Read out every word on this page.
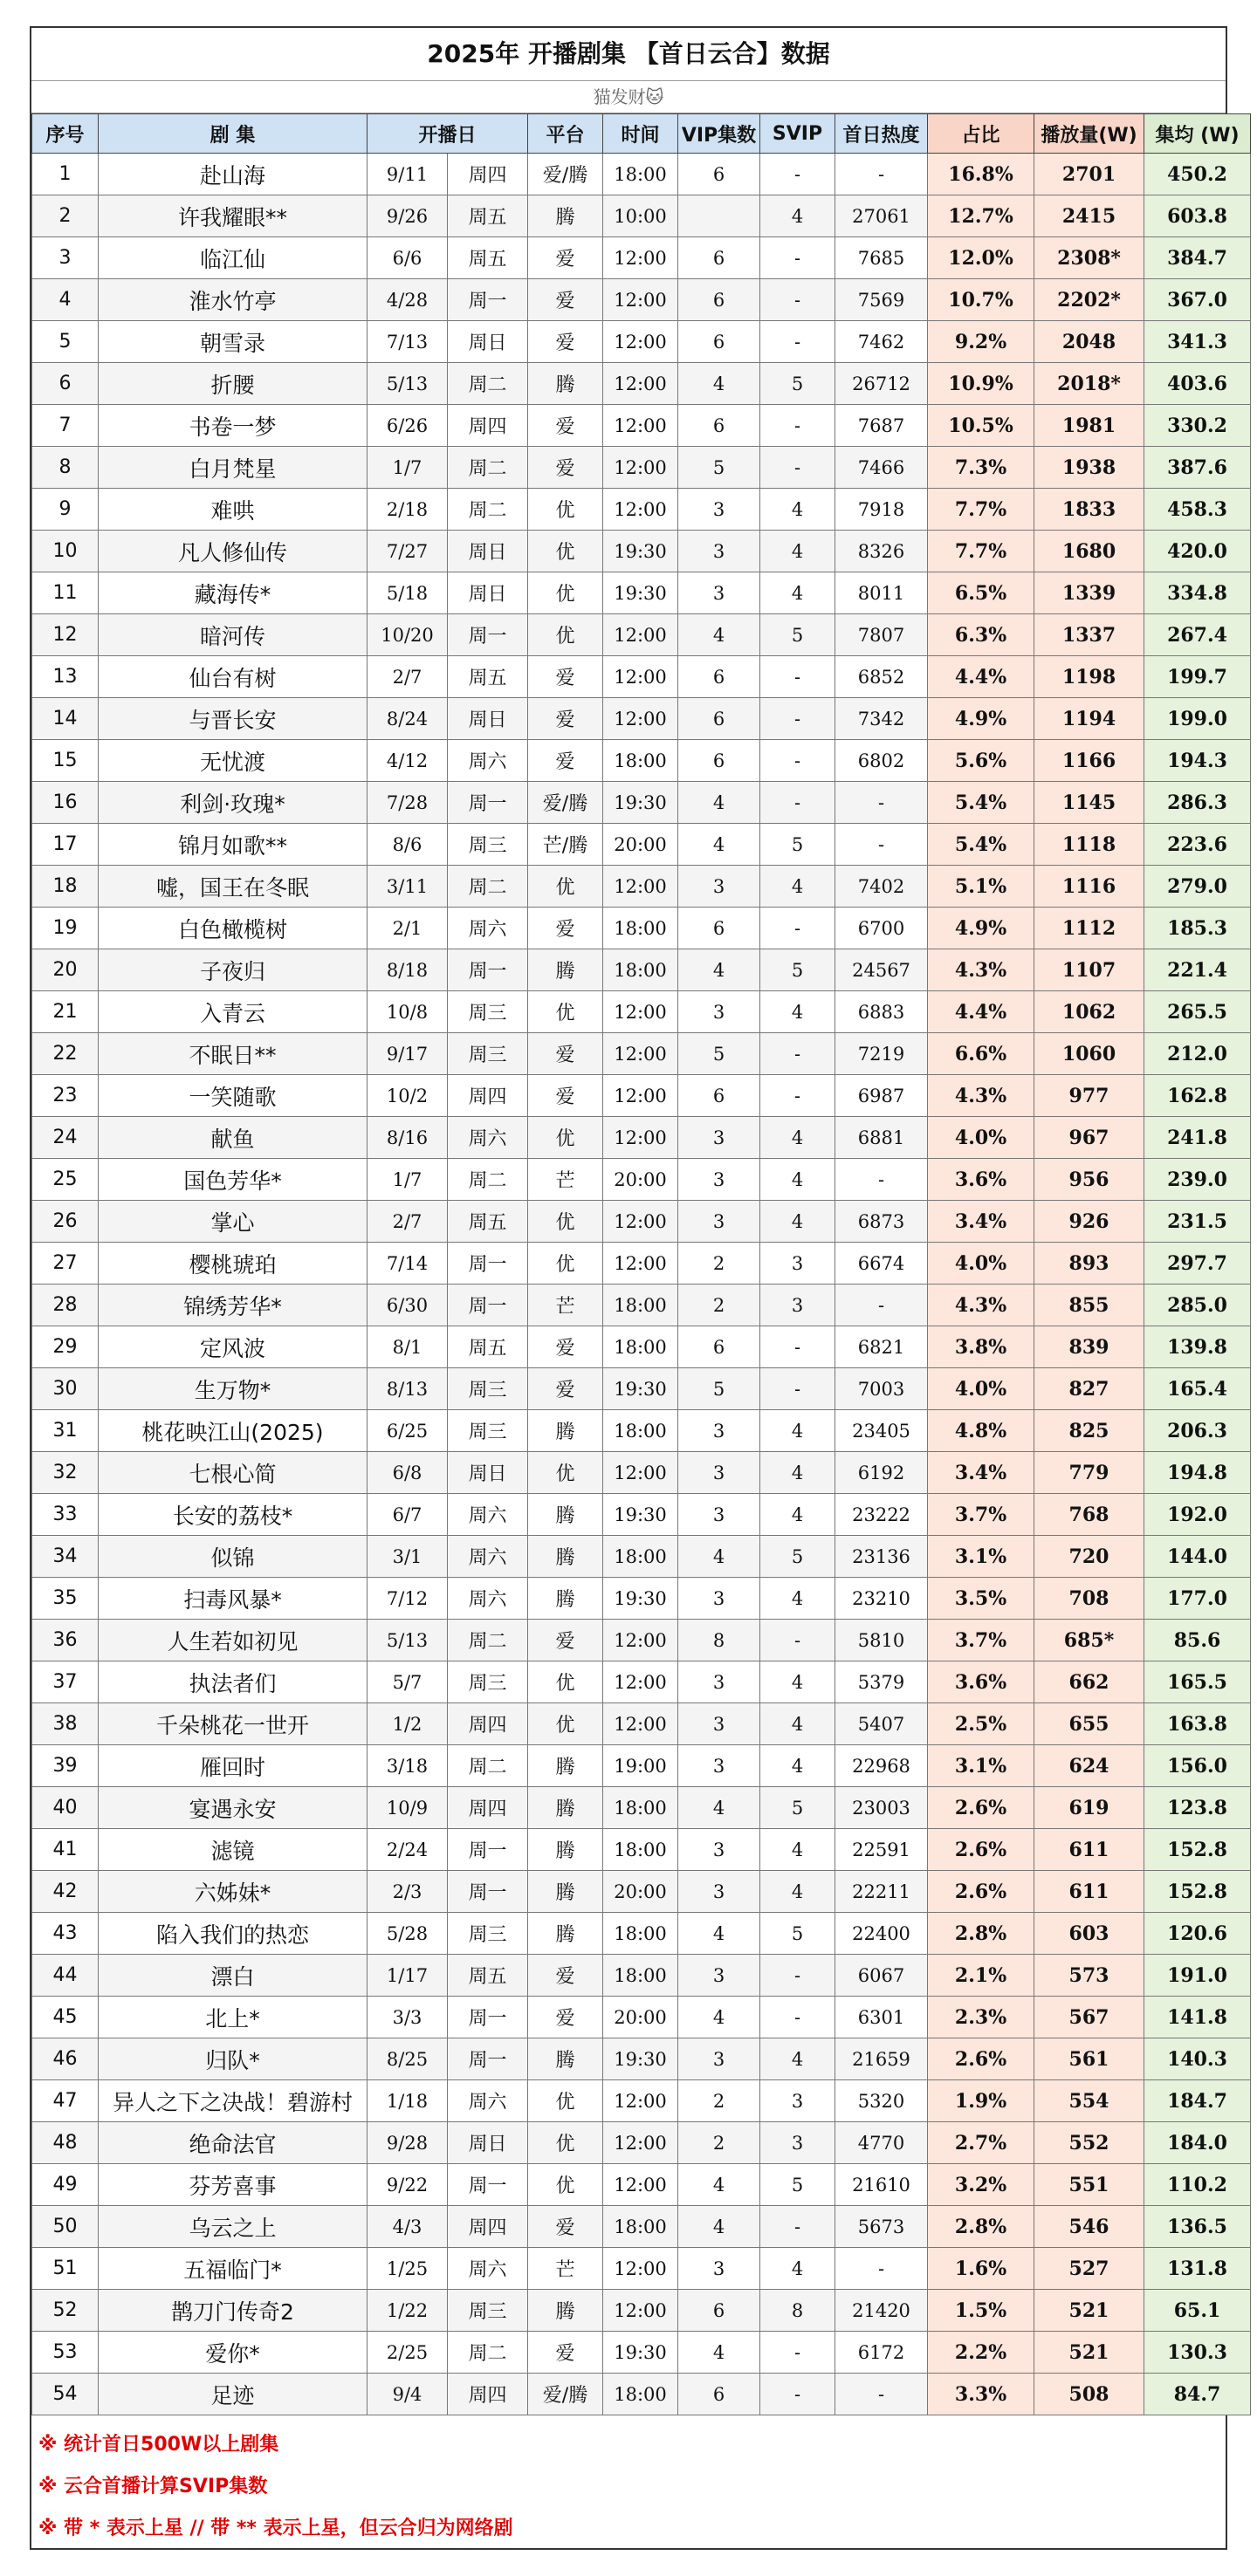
2025年 开播剧集 【首日云合】数据
猫发财🐱
序号	剧 集	开播日		平台	时间	VIP集数	SVIP	首日热度	占比	播放量(W)	集均 (W)
1	赴山海	9/11	周四	爱/腾	18:00	6	-	-	16.8%	2701	450.2
2	许我耀眼**	9/26	周五	腾	10:00		4	27061	12.7%	2415	603.8
3	临江仙	6/6	周五	爱	12:00	6	-	7685	12.0%	2308*	384.7
4	淮水竹亭	4/28	周一	爱	12:00	6	-	7569	10.7%	2202*	367.0
5	朝雪录	7/13	周日	爱	12:00	6	-	7462	9.2%	2048	341.3
6	折腰	5/13	周二	腾	12:00	4	5	26712	10.9%	2018*	403.6
7	书卷一梦	6/26	周四	爱	12:00	6	-	7687	10.5%	1981	330.2
8	白月梵星	1/7	周二	爱	12:00	5	-	7466	7.3%	1938	387.6
9	难哄	2/18	周二	优	12:00	3	4	7918	7.7%	1833	458.3
10	凡人修仙传	7/27	周日	优	19:30	3	4	8326	7.7%	1680	420.0
11	藏海传*	5/18	周日	优	19:30	3	4	8011	6.5%	1339	334.8
12	暗河传	10/20	周一	优	12:00	4	5	7807	6.3%	1337	267.4
13	仙台有树	2/7	周五	爱	12:00	6	-	6852	4.4%	1198	199.7
14	与晋长安	8/24	周日	爱	12:00	6	-	7342	4.9%	1194	199.0
15	无忧渡	4/12	周六	爱	18:00	6	-	6802	5.6%	1166	194.3
16	利剑·玫瑰*	7/28	周一	爱/腾	19:30	4	-	-	5.4%	1145	286.3
17	锦月如歌**	8/6	周三	芒/腾	20:00	4	5	-	5.4%	1118	223.6
18	嘘，国王在冬眠	3/11	周二	优	12:00	3	4	7402	5.1%	1116	279.0
19	白色橄榄树	2/1	周六	爱	18:00	6	-	6700	4.9%	1112	185.3
20	子夜归	8/18	周一	腾	18:00	4	5	24567	4.3%	1107	221.4
21	入青云	10/8	周三	优	12:00	3	4	6883	4.4%	1062	265.5
22	不眠日**	9/17	周三	爱	12:00	5	-	7219	6.6%	1060	212.0
23	一笑随歌	10/2	周四	爱	12:00	6	-	6987	4.3%	977	162.8
24	献鱼	8/16	周六	优	12:00	3	4	6881	4.0%	967	241.8
25	国色芳华*	1/7	周二	芒	20:00	3	4	-	3.6%	956	239.0
26	掌心	2/7	周五	优	12:00	3	4	6873	3.4%	926	231.5
27	樱桃琥珀	7/14	周一	优	12:00	2	3	6674	4.0%	893	297.7
28	锦绣芳华*	6/30	周一	芒	18:00	2	3	-	4.3%	855	285.0
29	定风波	8/1	周五	爱	18:00	6	-	6821	3.8%	839	139.8
30	生万物*	8/13	周三	爱	19:30	5	-	7003	4.0%	827	165.4
31	桃花映江山(2025)	6/25	周三	腾	18:00	3	4	23405	4.8%	825	206.3
32	七根心简	6/8	周日	优	12:00	3	4	6192	3.4%	779	194.8
33	长安的荔枝*	6/7	周六	腾	19:30	3	4	23222	3.7%	768	192.0
34	似锦	3/1	周六	腾	18:00	4	5	23136	3.1%	720	144.0
35	扫毒风暴*	7/12	周六	腾	19:30	3	4	23210	3.5%	708	177.0
36	人生若如初见	5/13	周二	爱	12:00	8	-	5810	3.7%	685*	85.6
37	执法者们	5/7	周三	优	12:00	3	4	5379	3.6%	662	165.5
38	千朵桃花一世开	1/2	周四	优	12:00	3	4	5407	2.5%	655	163.8
39	雁回时	3/18	周二	腾	19:00	3	4	22968	3.1%	624	156.0
40	宴遇永安	10/9	周四	腾	18:00	4	5	23003	2.6%	619	123.8
41	滤镜	2/24	周一	腾	18:00	3	4	22591	2.6%	611	152.8
42	六姊妹*	2/3	周一	腾	20:00	3	4	22211	2.6%	611	152.8
43	陷入我们的热恋	5/28	周三	腾	18:00	4	5	22400	2.8%	603	120.6
44	漂白	1/17	周五	爱	18:00	3	-	6067	2.1%	573	191.0
45	北上*	3/3	周一	爱	20:00	4	-	6301	2.3%	567	141.8
46	归队*	8/25	周一	腾	19:30	3	4	21659	2.6%	561	140.3
47	异人之下之决战！碧游村	1/18	周六	优	12:00	2	3	5320	1.9%	554	184.7
48	绝命法官	9/28	周日	优	12:00	2	3	4770	2.7%	552	184.0
49	芬芳喜事	9/22	周一	优	12:00	4	5	21610	3.2%	551	110.2
50	乌云之上	4/3	周四	爱	18:00	4	-	5673	2.8%	546	136.5
51	五福临门*	1/25	周六	芒	12:00	3	4	-	1.6%	527	131.8
52	鹊刀门传奇2	1/22	周三	腾	12:00	6	8	21420	1.5%	521	65.1
53	爱你*	2/25	周二	爱	19:30	4	-	6172	2.2%	521	130.3
54	足迹	9/4	周四	爱/腾	18:00	6	-	-	3.3%	508	84.7
※ 统计首日500W以上剧集
※ 云合首播计算SVIP集数
※ 带 * 表示上星 // 带 ** 表示上星，但云合归为网络剧
